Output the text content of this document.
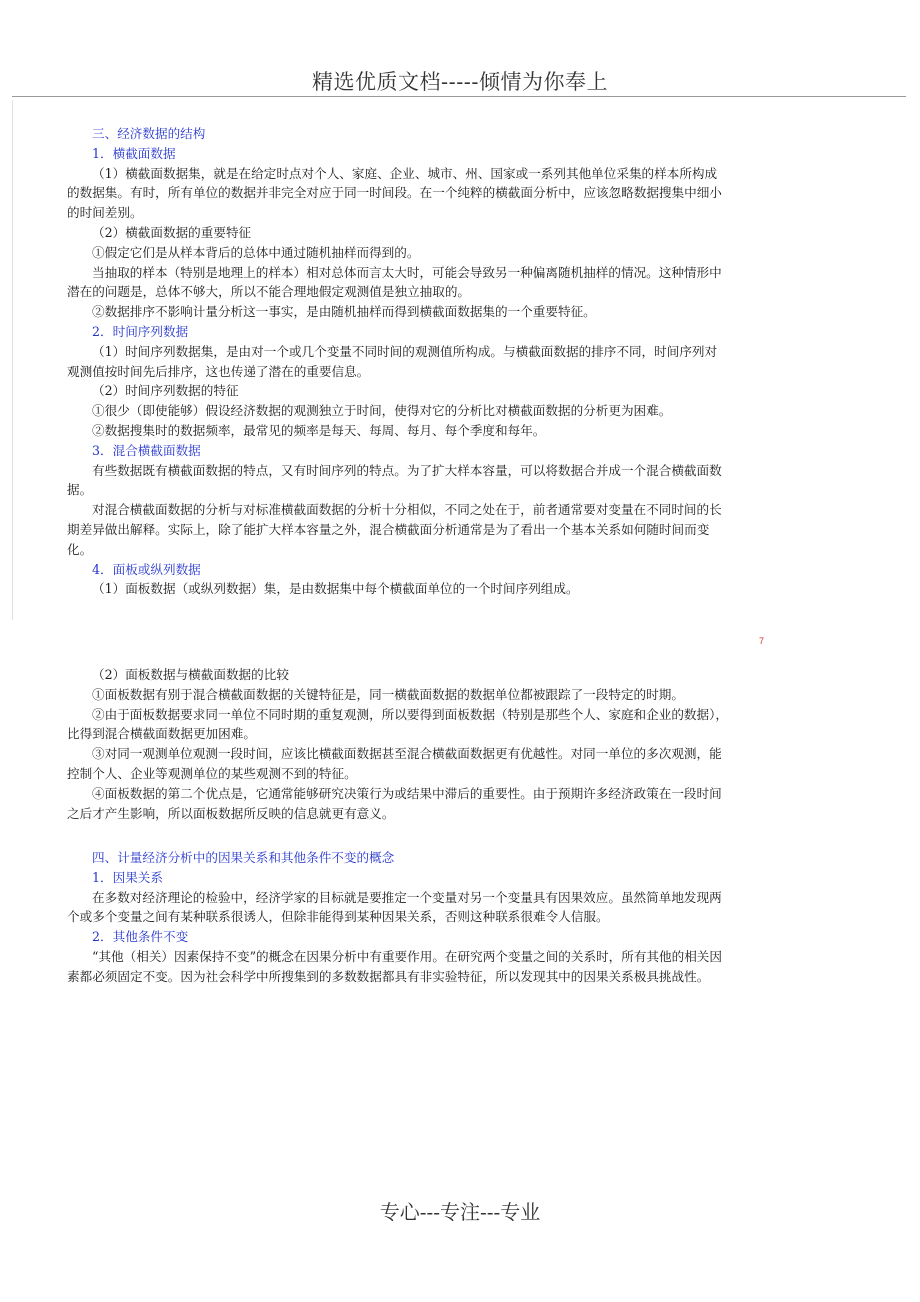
精选优质文档-----倾情为你奉上

三、经济数据的结构

1．横截面数据

（1）横截面数据集，就是在给定时点对个人、家庭、企业、城市、州、国家或一系列其他单位采集的样本所构成的数据集。有时，所有单位的数据并非完全对应于同一时间段。在一个纯粹的横截面分析中，应该忽略数据搜集中细小的时间差别。

（2）横截面数据的重要特征

①假定它们是从样本背后的总体中通过随机抽样而得到的。

当抽取的样本（特别是地理上的样本）相对总体而言太大时，可能会导致另一种偏离随机抽样的情况。这种情形中潜在的问题是，总体不够大，所以不能合理地假定观测值是独立抽取的。

②数据排序不影响计量分析这一事实，是由随机抽样而得到横截面数据集的一个重要特征。

2．时间序列数据

（1）时间序列数据集，是由对一个或几个变量不同时间的观测值所构成。与横截面数据的排序不同，时间序列对观测值按时间先后排序，这也传递了潜在的重要信息。

（2）时间序列数据的特征

①很少（即使能够）假设经济数据的观测独立于时间，使得对它的分析比对横截面数据的分析更为困难。

②数据搜集时的数据频率，最常见的频率是每天、每周、每月、每个季度和每年。

3．混合横截面数据

有些数据既有横截面数据的特点，又有时间序列的特点。为了扩大样本容量，可以将数据合并成一个混合横截面数据。

对混合横截面数据的分析与对标准横截面数据的分析十分相似，不同之处在于，前者通常要对变量在不同时间的长期差异做出解释。实际上，除了能扩大样本容量之外，混合横截面分析通常是为了看出一个基本关系如何随时间而变化。

4．面板或纵列数据

（1）面板数据（或纵列数据）集，是由数据集中每个横截面单位的一个时间序列组成。

7

（2）面板数据与横截面数据的比较

①面板数据有别于混合横截面数据的关键特征是，同一横截面数据的数据单位都被跟踪了一段特定的时期。

②由于面板数据要求同一单位不同时期的重复观测，所以要得到面板数据（特别是那些个人、家庭和企业的数据），比得到混合横截面数据更加困难。

③对同一观测单位观测一段时间，应该比横截面数据甚至混合横截面数据更有优越性。对同一单位的多次观测，能控制个人、企业等观测单位的某些观测不到的特征。

④面板数据的第二个优点是，它通常能够研究决策行为或结果中滞后的重要性。由于预期许多经济政策在一段时间之后才产生影响，所以面板数据所反映的信息就更有意义。

四、计量经济分析中的因果关系和其他条件不变的概念

1．因果关系

在多数对经济理论的检验中，经济学家的目标就是要推定一个变量对另一个变量具有因果效应。虽然简单地发现两个或多个变量之间有某种联系很诱人，但除非能得到某种因果关系，否则这种联系很难令人信服。

2．其他条件不变

“其他（相关）因素保持不变”的概念在因果分析中有重要作用。在研究两个变量之间的关系时，所有其他的相关因素都必须固定不变。因为社会科学中所搜集到的多数数据都具有非实验特征，所以发现其中的因果关系极具挑战性。

专心---专注---专业
